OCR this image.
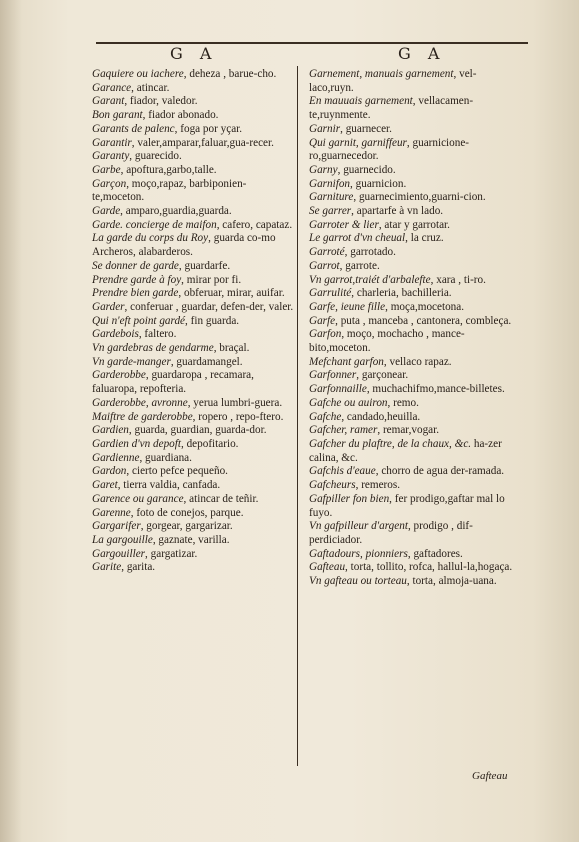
G A	G A

Gaquiere ou iachere, deheza , barue-cho.

Garance, atincar.

Garant, fiador, valedor.

Bon garant, fiador abonado.

Garants de palenc, foga por yçar.

Garantir, valer,amparar,faluar,gua-recer.

Garanty, guarecido.

Garbe, apoftura,garbo,talle.

Garçon, moço,rapaz, barbiponien-te,moceton.

Garde, amparo,guardia,guarda.

Garde. concierge de maifon, cafero, capataz.

La garde du corps du Roy, guarda co-mo Archeros, alabarderos.

Se donner de garde, guardarfe.

Prendre garde à foy, mirar por fi.

Prendre bien garde, obferuar, mirar, auifar.

Garder, conferuar , guardar, defen-der, valer.

Qui n'eft point gardé, fin guarda.

Gardebois, faltero.

Vn gardebras de gendarme, braçal.

Vn garde-manger, guardamangel.

Garderobbe, guardaropa , recamara, faluaropa, repofteria.

Garderobbe, avronne, yerua lumbri-guera.

Maiftre de garderobbe, ropero , repo-ftero.

Gardien, guarda, guardian, guarda-dor.

Gardien d'vn depoft, depofitario.

Gardienne, guardiana.

Gardon, cierto pefce pequeño.

Garet, tierra valdia, canfada.

Garence ou garance, atincar de teñir.

Garenne, foto de conejos, parque.

Gargarifer, gorgear, gargarizar.

La gargouille, gaznate, varilla.

Gargouiller, gargatizar.

Garite, garita.

Garnement, manuais garnement, vel-laco,ruyn.

En mauuais garnement, vellacamen-te,ruynmente.

Garnir, guarnecer.

Qui garnit, garniffeur, guarnicione-ro,guarnecedor.

Garny, guarnecido.

Garnifon, guarnicion.

Garniture, guarnecimiento,guarni-cion.

Se garrer, apartarfe à vn lado.

Garroter & lier, atar y garrotar.

Le garrot d'vn cheual, la cruz.

Garroté, garrotado.

Garrot, garrote.

Vn garrot,traiét d'arbalefte, xara , ti-ro.

Garrulité, charleria, bachilleria.

Garfe, ieune fille, moça,mocetona.

Garfe, puta , manceba , cantonera, combleça.

Garfon, moço, mochacho , mance-bito,moceton.

Mefchant garfon, vellaco rapaz.

Garfonner, garçonear.

Garfonnaille, muchachifmo,mance-billetes.

Gafche ou auiron, remo.

Gafche, candado,heuilla.

Gafcher, ramer, remar,vogar.

Gafcher du plaftre, de la chaux, &c. ha-zer calina, &c.

Gafchis d'eaue, chorro de agua der-ramada.

Gafcheurs, remeros.

Gafpiller fon bien, fer prodigo,gaftar mal lo fuyo.

Vn gafpilleur d'argent, prodigo , dif-perdiciador.

Gaftadours, pionniers, gaftadores.

Gafteau, torta, tollito, rofca, hallul-la,hogaça.

Vn gafteau ou torteau, torta, almoja-uana.

Gafteau
